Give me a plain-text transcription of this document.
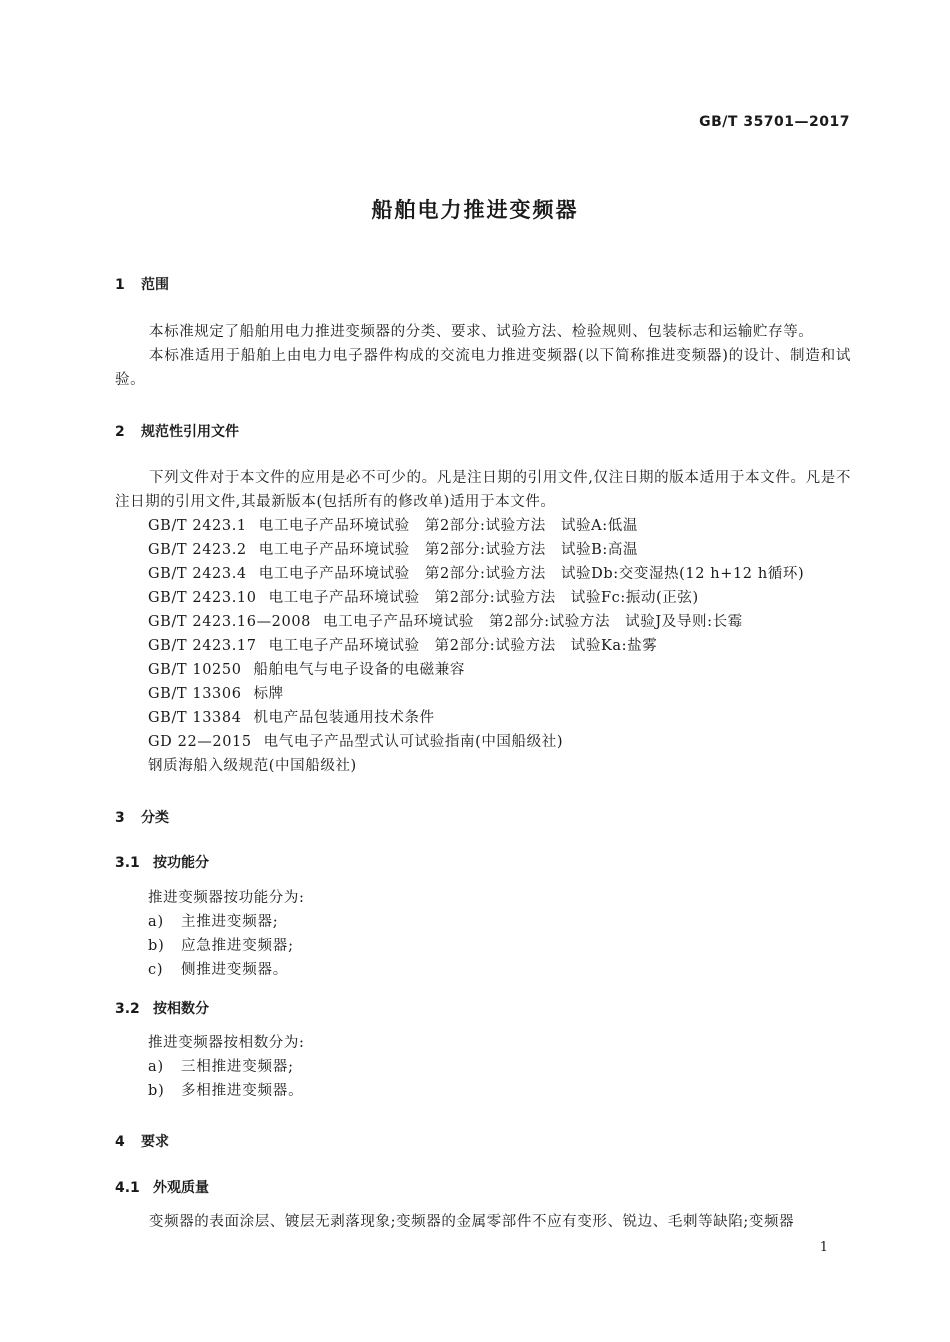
GB/T 35701—2017
船舶电力推进变频器
1 范围
本标准规定了船舶用电力推进变频器的分类、要求、试验方法、检验规则、包装标志和运输贮存等。
本标准适用于船舶上由电力电子器件构成的交流电力推进变频器(以下简称推进变频器)的设计、制造和试验。
2 规范性引用文件
下列文件对于本文件的应用是必不可少的。凡是注日期的引用文件,仅注日期的版本适用于本文件。凡是不注日期的引用文件,其最新版本(包括所有的修改单)适用于本文件。
GB/T 2423.1 电工电子产品环境试验　第2部分:试验方法　试验A:低温
GB/T 2423.2 电工电子产品环境试验　第2部分:试验方法　试验B:高温
GB/T 2423.4 电工电子产品环境试验　第2部分:试验方法　试验Db:交变湿热(12 h+12 h循环)
GB/T 2423.10 电工电子产品环境试验　第2部分:试验方法　试验Fc:振动(正弦)
GB/T 2423.16—2008 电工电子产品环境试验　第2部分:试验方法　试验J及导则:长霉
GB/T 2423.17 电工电子产品环境试验　第2部分:试验方法　试验Ka:盐雾
GB/T 10250 船舶电气与电子设备的电磁兼容
GB/T 13306 标牌
GB/T 13384 机电产品包装通用技术条件
GD 22—2015 电气电子产品型式认可试验指南(中国船级社)
钢质海船入级规范(中国船级社)
3 分类
3.1 按功能分
推进变频器按功能分为:
a) 主推进变频器;
b) 应急推进变频器;
c) 侧推进变频器。
3.2 按相数分
推进变频器按相数分为:
a) 三相推进变频器;
b) 多相推进变频器。
4 要求
4.1 外观质量
变频器的表面涂层、镀层无剥落现象;变频器的金属零部件不应有变形、锐边、毛刺等缺陷;变频器
1
